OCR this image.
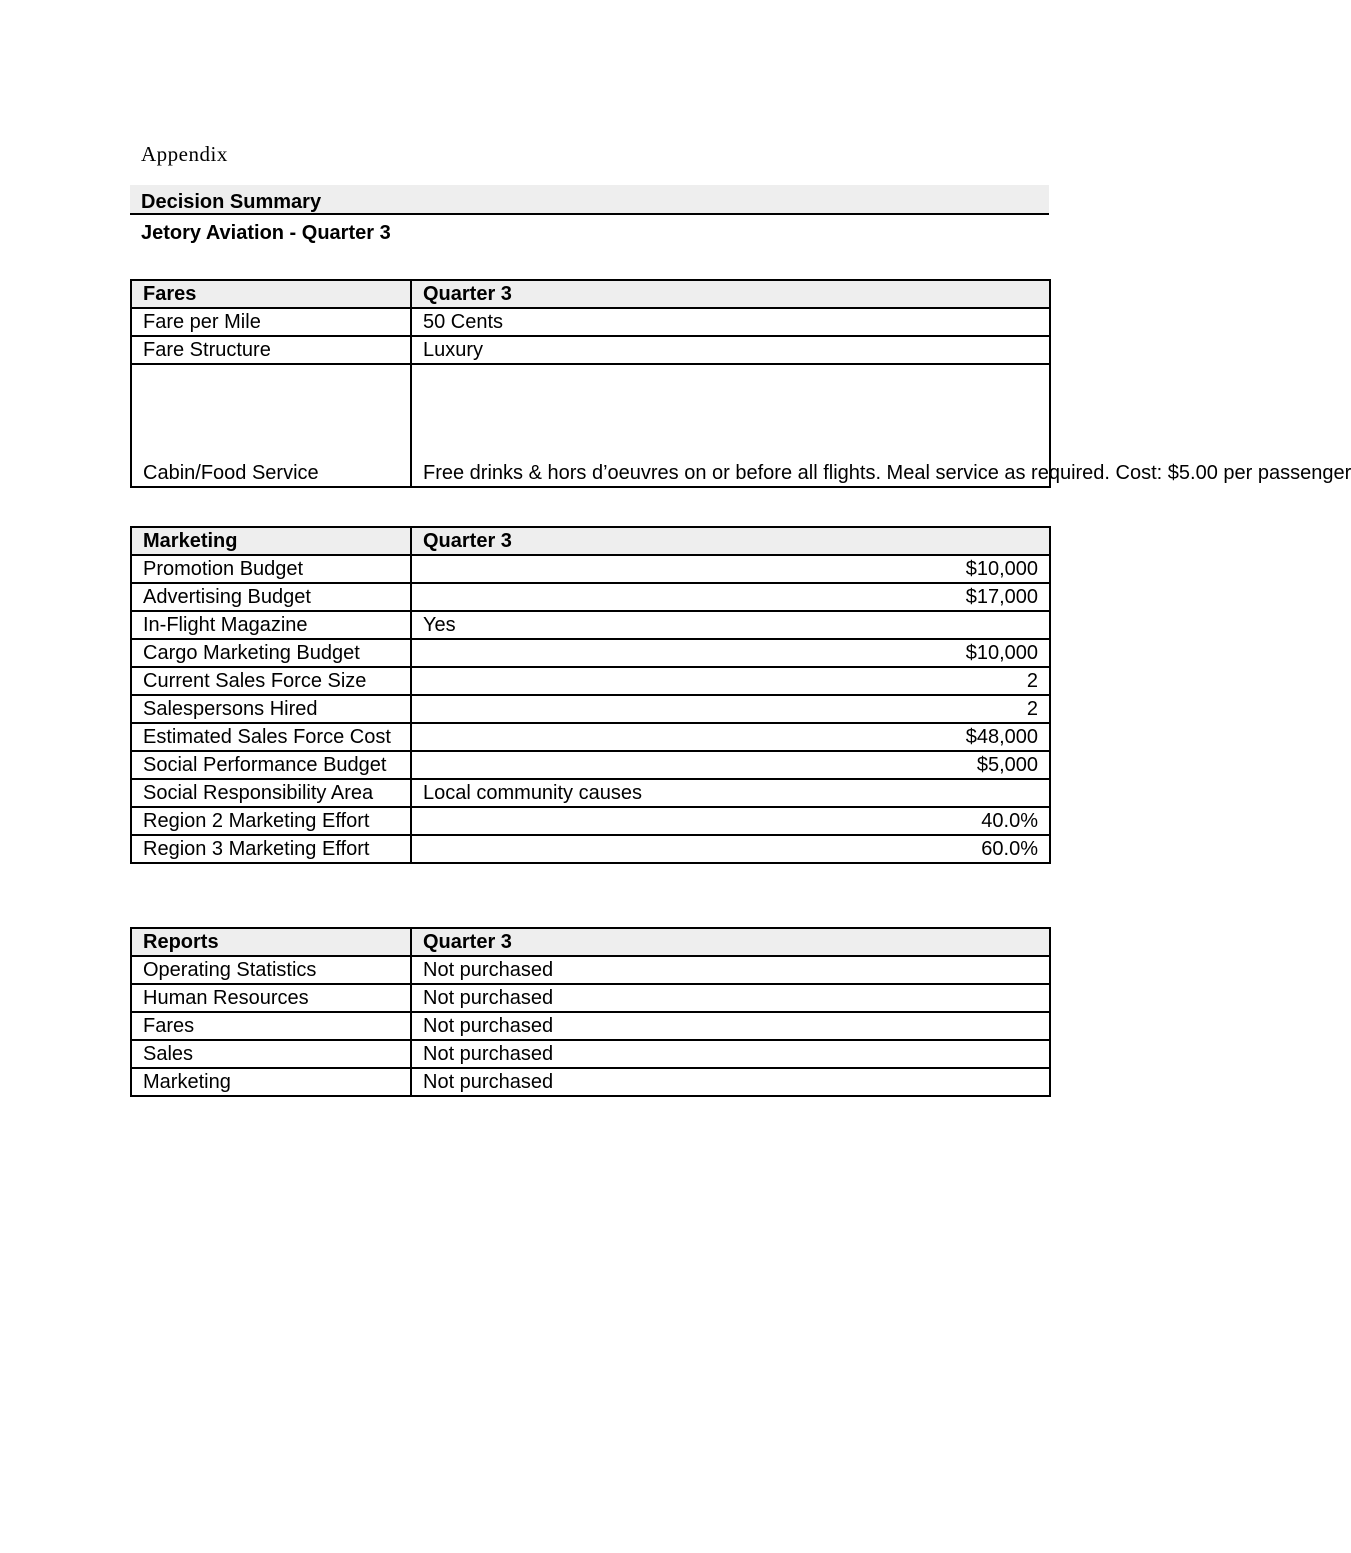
Appendix
Decision Summary
Jetory Aviation - Quarter 3
Fares	Quarter 3
Fare per Mile	50 Cents
Fare Structure	Luxury
Cabin/Food Service	Free drinks & hors d’oeuvres on or before all flights. Meal service as required. Cost: $5.00 per passenger
Marketing	Quarter 3
Promotion Budget	$10,000
Advertising Budget	$17,000
In-Flight Magazine	Yes
Cargo Marketing Budget	$10,000
Current Sales Force Size	2
Salespersons Hired	2
Estimated Sales Force Cost	$48,000
Social Performance Budget	$5,000
Social Responsibility Area	Local community causes
Region 2 Marketing Effort	40.0%
Region 3 Marketing Effort	60.0%
Reports	Quarter 3
Operating Statistics	Not purchased
Human Resources	Not purchased
Fares	Not purchased
Sales	Not purchased
Marketing	Not purchased
